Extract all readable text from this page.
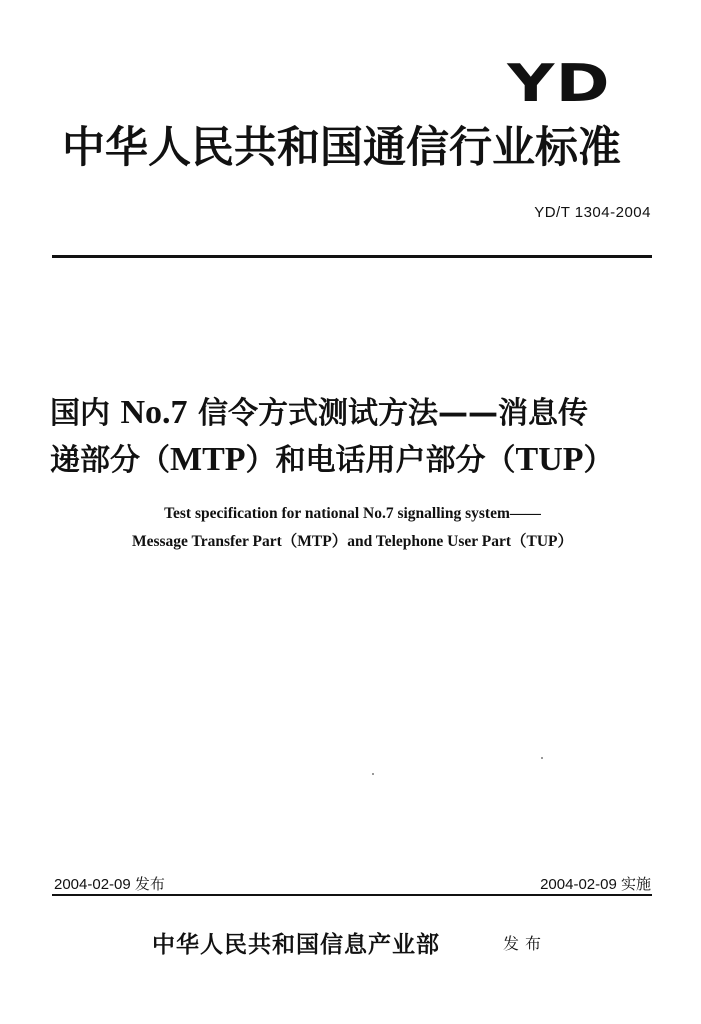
YD
中华人民共和国通信行业标准
YD/T 1304-2004
国内 No.7 信令方式测试方法——消息传
递部分（MTP）和电话用户部分（TUP）
Test specification for national No.7 signalling system——
Message Transfer Part（MTP）and Telephone User Part（TUP）
2004-02-09 发布	2004-02-09 实施
中华人民共和国信息产业部	发布
